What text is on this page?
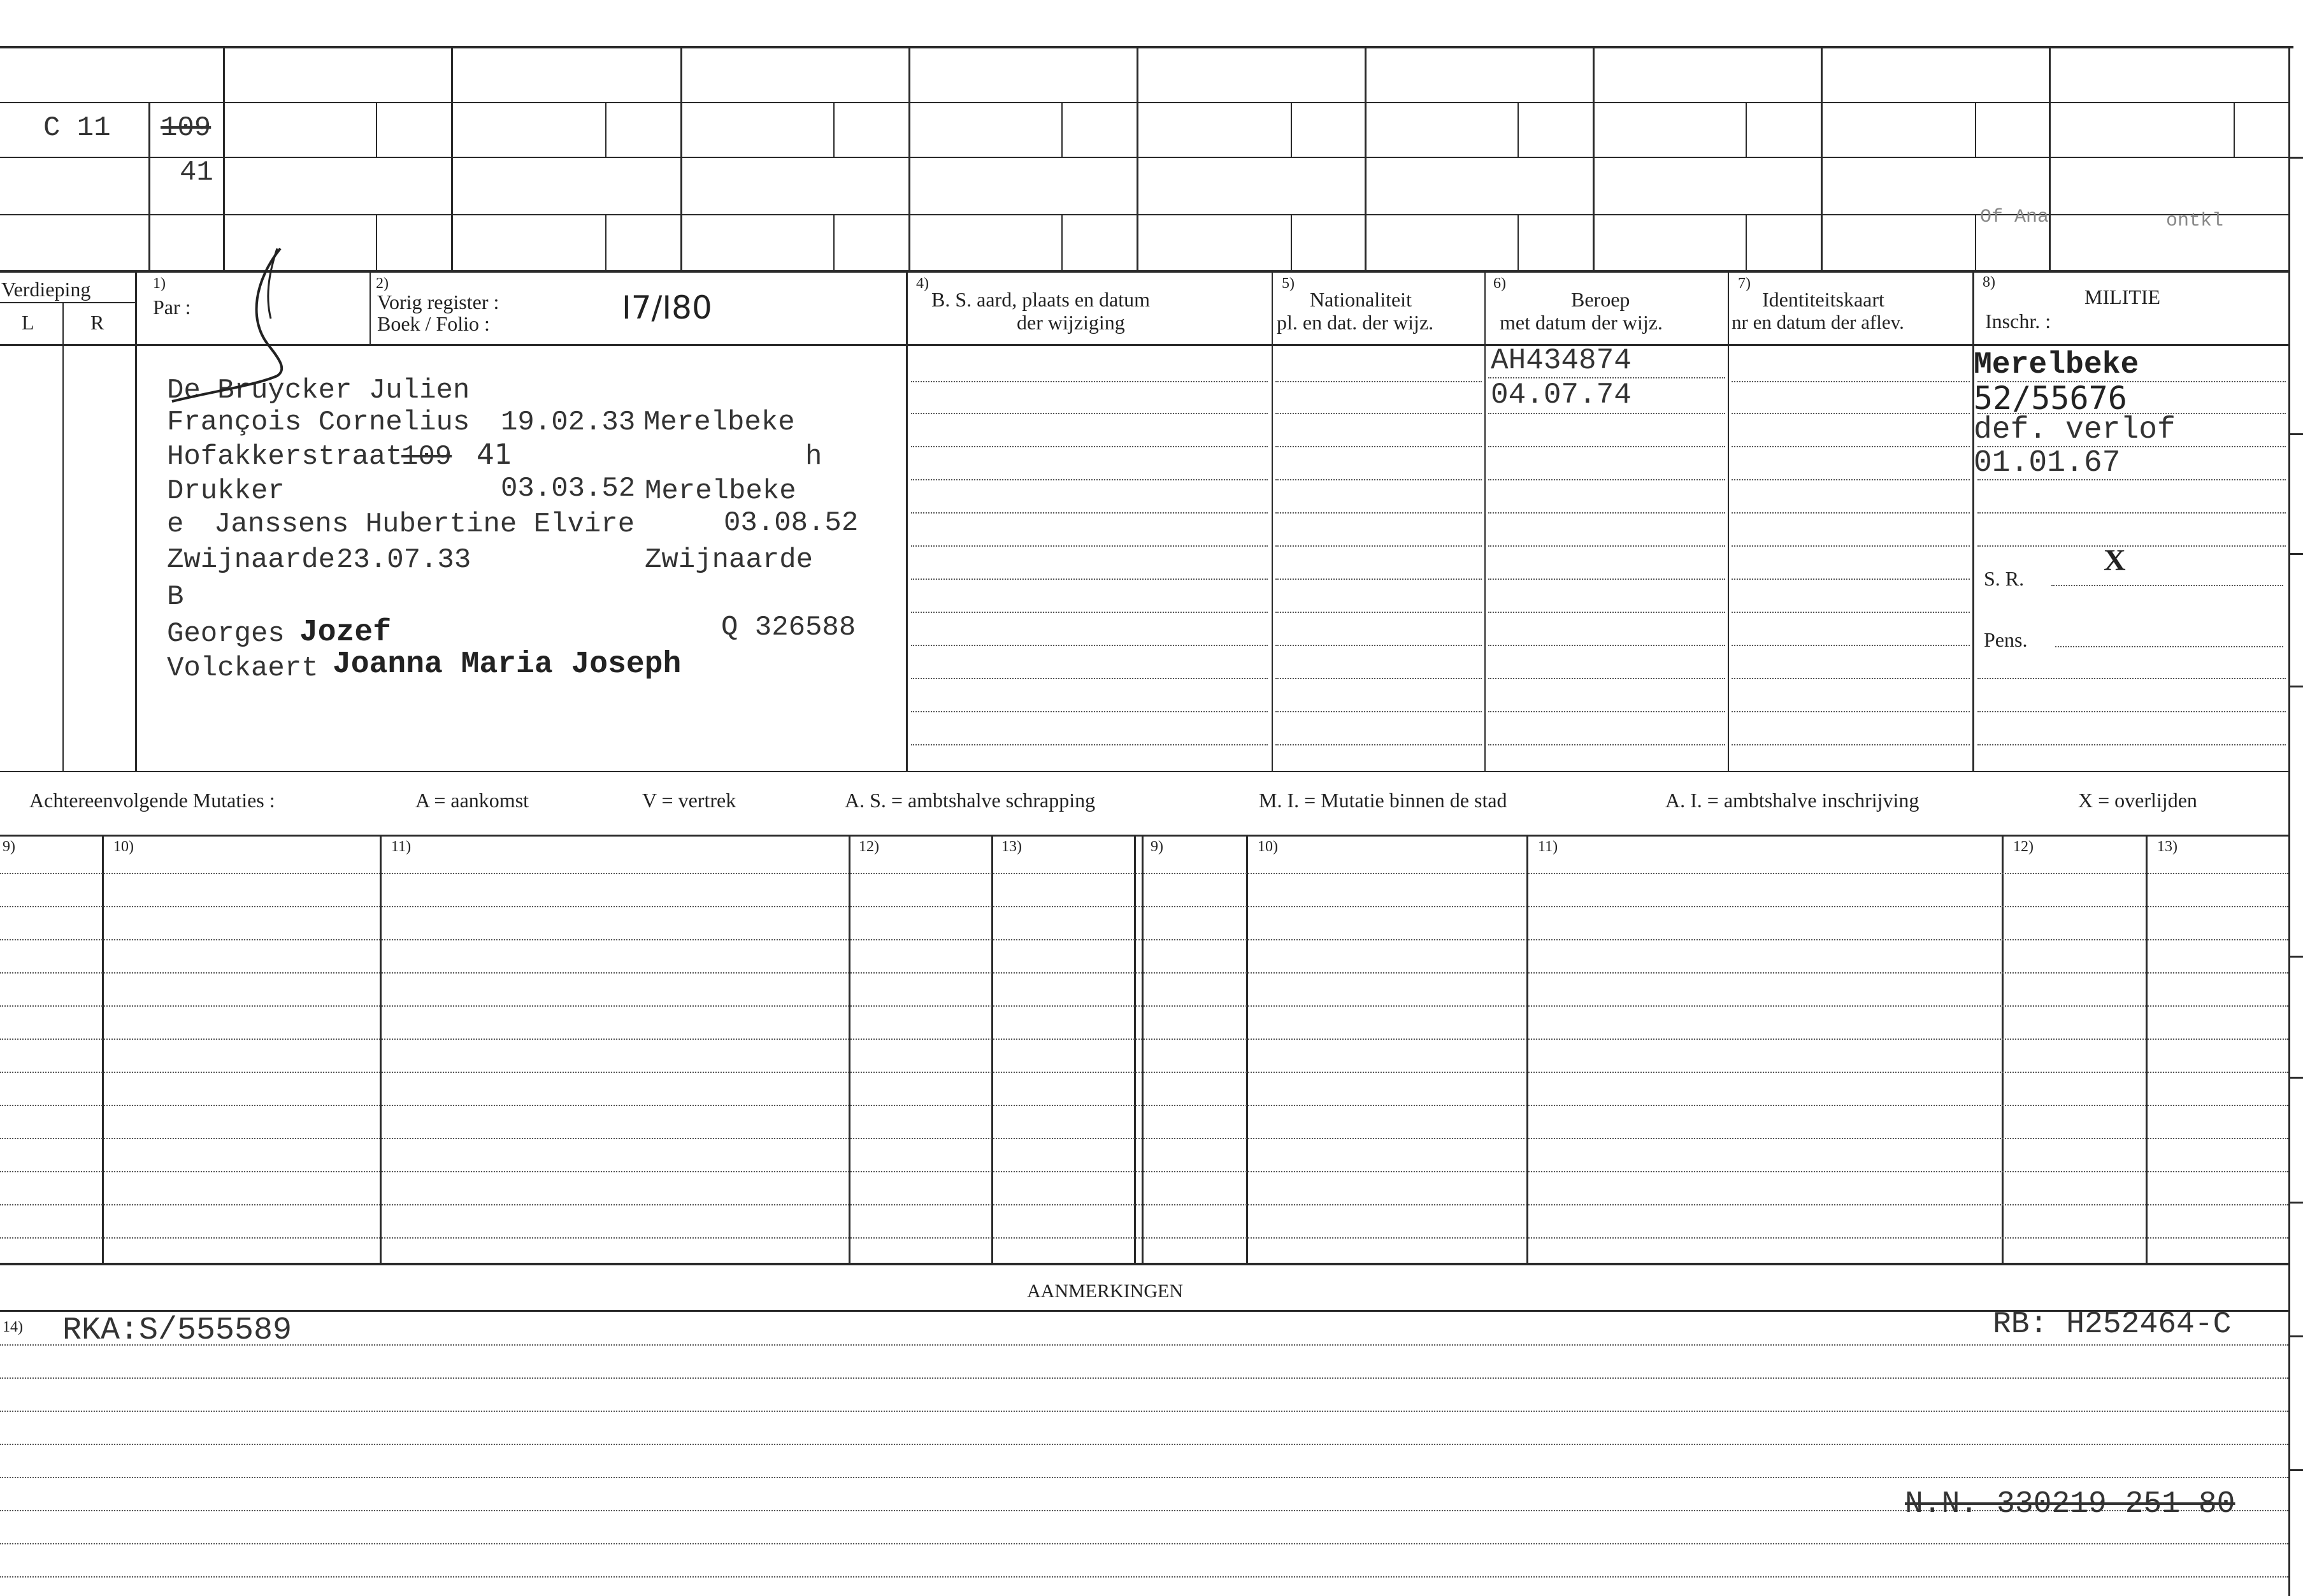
C 11 109
41
Of Ana	ontkl
Verdieping
L	R
1)
Par :
2)
Vorig register :
Boek / Folio :	I7/I80
4)
B. S. aard, plaats en datum
der wijziging
5)
Nationaliteit
pl. en dat. der wijz.
6)
Beroep
met datum der wijz.
7)
Identiteitskaart
nr en datum der aflev.
8)
MILITIE
Inschr. :
De Bruycker Julien
François Cornelius 19.02.33 Merelbeke
Hofakkerstraat
109 41	h
Drukker	03.03.52 Merelbeke
e Janssens Hubertine Elvire	03.08.52
Zwijnaarde 23.07.33	Zwijnaarde
B
Georges Jozef	Q 326588
Volckaert Joanna Maria Joseph
AH434874
04.07.74
Merelbeke
52/55676
def. verlof
01.01.67
S. R.
X
Pens.
Achtereenvolgende Mutaties :	A = aankomst	V = vertrek	A. S. = ambtshalve schrapping	M. I. = Mutatie binnen de stad	A. I. = ambtshalve inschrijving	X = overlijden
9)	10)	11)	12)	13)	9)	10)	11)	12)	13)
AANMERKINGEN
14) RKA:S/555589	RB: H252464-C
N.N. 330219 251 80
